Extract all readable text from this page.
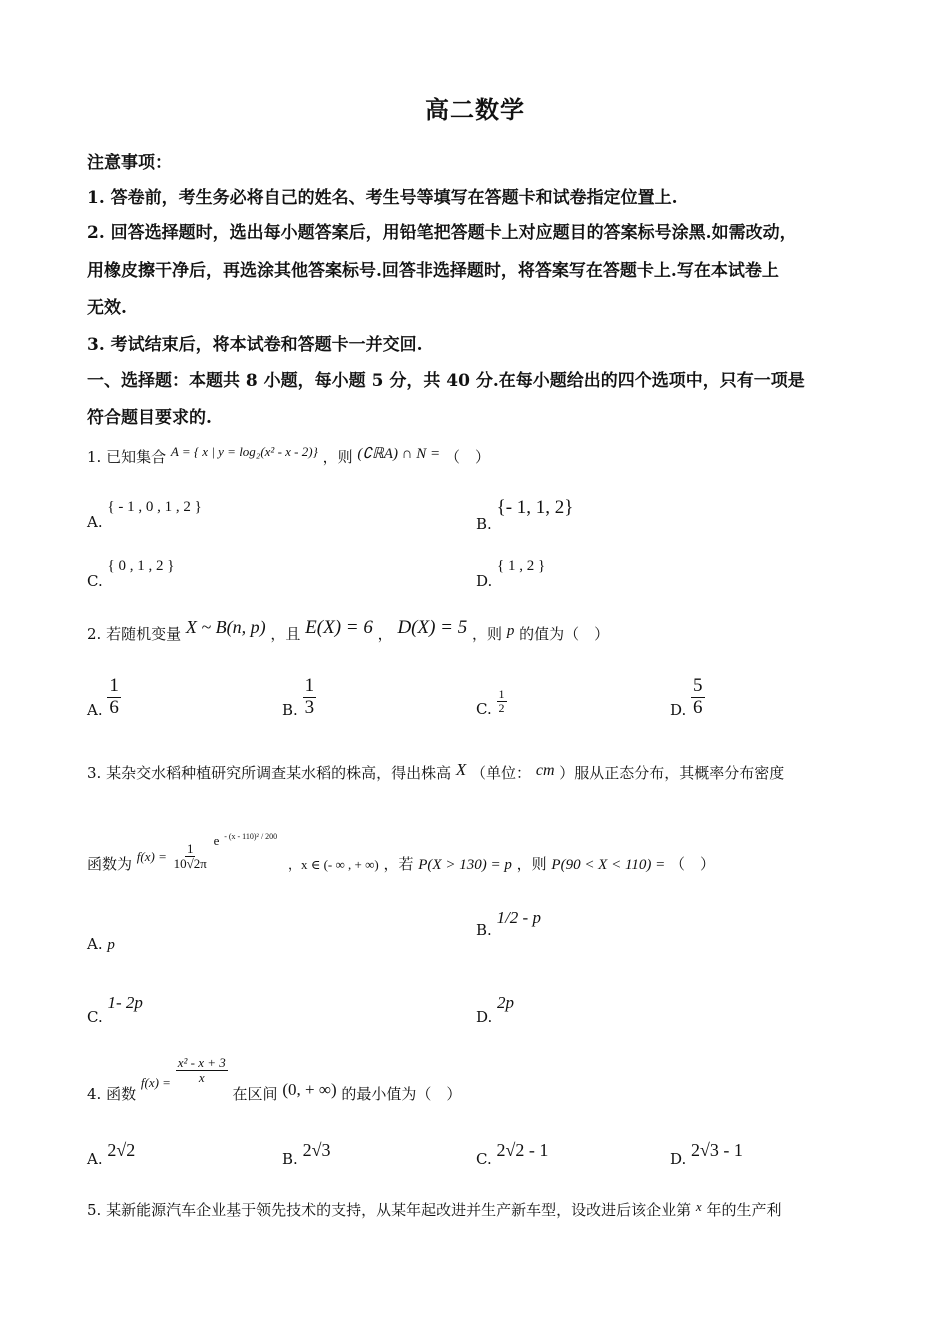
高二数学
注意事项：
1. 答卷前，考生务必将自己的姓名、考生号等填写在答题卡和试卷指定位置上.
2. 回答选择题时，选出每小题答案后，用铅笔把答题卡上对应题目的答案标号涂黑.如需改动，
用橡皮擦干净后，再选涂其他答案标号.回答非选择题时，将答案写在答题卡上.写在本试卷上
无效.
3. 考试结束后，将本试卷和答题卡一并交回.
一、选择题：本题共 8 小题，每小题 5 分，共 40 分.在每小题给出的四个选项中，只有一项是
符合题目要求的.
1. 已知集合 A = { x | y = log₂(x² - x - 2)} ，则 (∁ℝA) ∩ N = （　）
A. { - 1 , 0 , 1 , 2 }
B. {- 1, 1, 2}
C. { 0 , 1 , 2 }
D. { 1 , 2 }
2. 若随机变量 X ~ B(n, p) ，且 E(X) = 6 ， D(X) = 5 ，则 p 的值为（　）
A. $\frac{1}{6}$	B. $\frac{1}{3}$	C. $\frac{1}{2}$	D. $\frac{5}{6}$
3. 某杂交水稻种植研究所调查某水稻的株高，得出株高 X （单位： cm ）服从正态分布，其概率分布密度
函数为 $f(x) = \frac{1}{10√2\pi}$
e $^{- (x - 110)^2 / 200}$ ，x ∈ (- ∞ , + ∞) ，若 P(X > 130) = p ，则 P(90 < X < 110) = （　）
A. p
B. 1/2 - p
C. 1- 2p
D. 2p
4. 函数 $f(x) = \frac{\text{x² - x + 3}}{x}$
在区间 (0, + ∞) 的最小值为（　）
A. 2√2	B. 2√3	C. 2√2 - 1	D. 2√3 - 1
5. 某新能源汽车企业基于领先技术的支持，从某年起改进并生产新车型，设改进后该企业第 x 年的生产利
